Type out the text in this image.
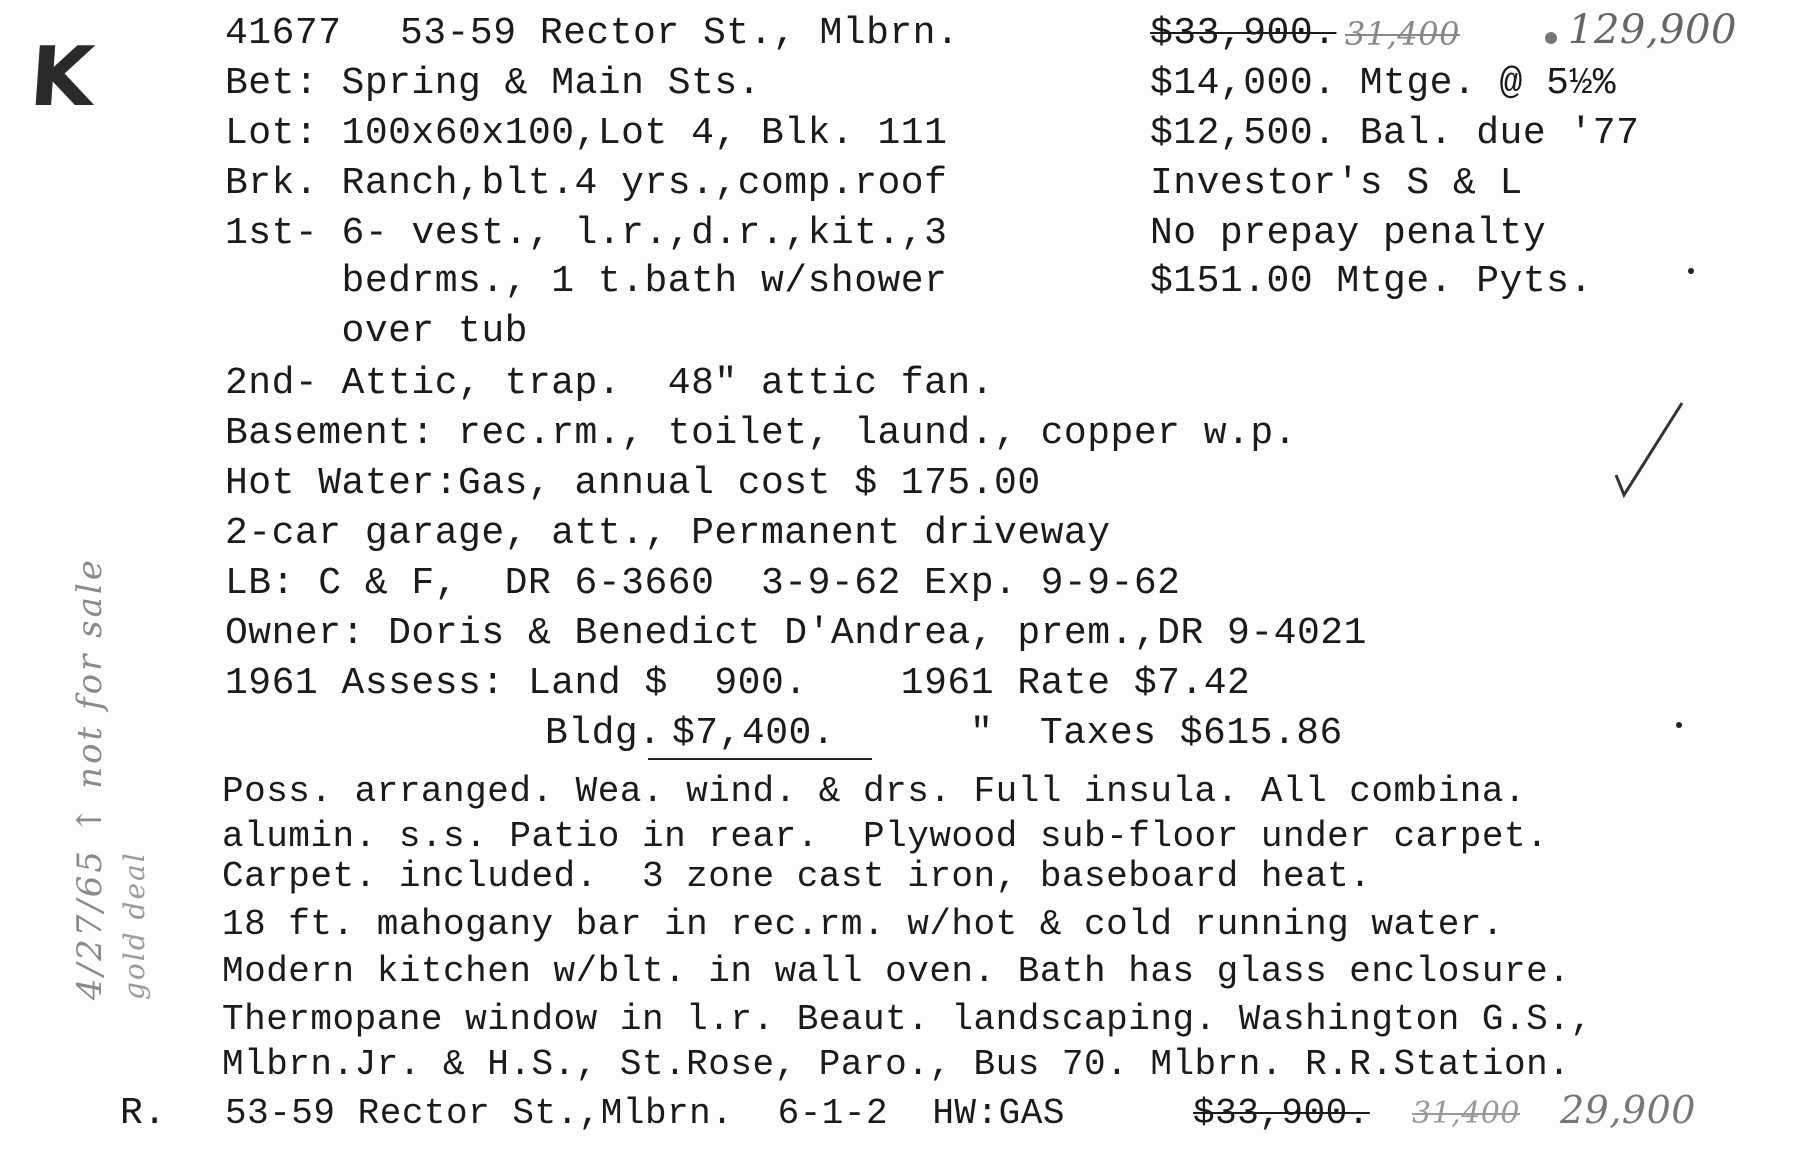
K
4/27/65 ↑ not for sale gold deal
41677 53-59 Rector St., Mlbrn.	$33,900. 31,400	129,900
Bet: Spring & Main Sts.
Lot: 100x60x100,Lot 4, Blk. 111
Brk. Ranch,blt.4 yrs.,comp.roof
1st- 6- vest., l.r.,d.r.,kit.,3
bedrms., 1 t.bath w/shower
over tub
$14,000. Mtge. @ 5½%
$12,500. Bal. due '77
Investor's S & L
No prepay penalty
$151.00 Mtge. Pyts.
2nd- Attic, trap.  48" attic fan.
Basement: rec.rm., toilet, laund., copper w.p.
Hot Water:Gas, annual cost $ 175.00
2-car garage, att., Permanent driveway
LB: C & F,  DR 6-3660  3-9-62 Exp. 9-9-62
Owner: Doris & Benedict D'Andrea, prem.,DR 9-4021
1961 Assess: Land $  900.    1961 Rate $7.42
Bldg. $7,400.	"  Taxes $615.86
Poss. arranged. Wea. wind. & drs. Full insula. All combina.
alumin. s.s. Patio in rear.  Plywood sub-floor under carpet.
Carpet. included.  3 zone cast iron, baseboard heat.
18 ft. mahogany bar in rec.rm. w/hot & cold running water.
Modern kitchen w/blt. in wall oven. Bath has glass enclosure.
Thermopane window in l.r. Beaut. landscaping. Washington G.S.,
Mlbrn.Jr. & H.S., St.Rose, Paro., Bus 70. Mlbrn. R.R.Station.
R. 53-59 Rector St.,Mlbrn.  6-1-2  HW:GAS	$33,900. 31,400 29,900
